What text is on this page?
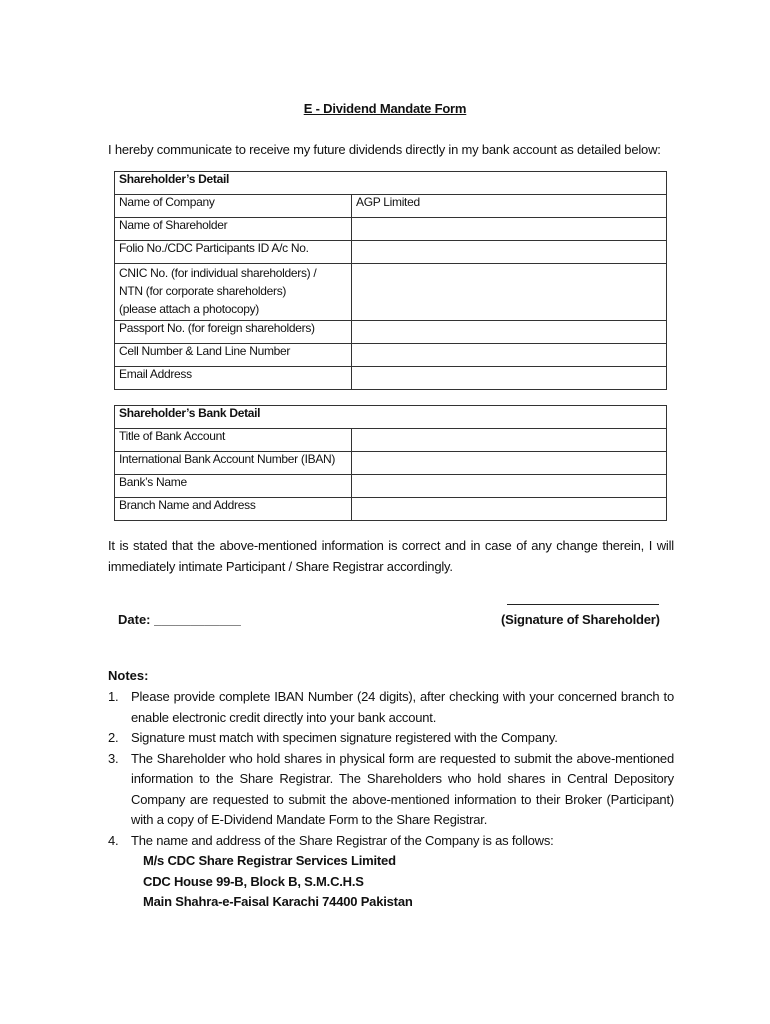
E - Dividend Mandate Form
I hereby communicate to receive my future dividends directly in my bank account as detailed below:
Shareholder’s Detail	
Name of Company	AGP Limited
Name of Shareholder	
Folio No./CDC Participants ID A/c No.	

CNIC No. (for individual shareholders) /
NTN (for corporate shareholders)
(please attach a photocopy)	

Passport No. (for foreign shareholders)	
Cell Number & Land Line Number	
Email Address	
Shareholder’s Bank Detail	
Title of Bank Account	
International Bank Account Number (IBAN)	
Bank’s Name	
Branch Name and Address	
It is stated that the above-mentioned information is correct and in case of any change therein, I will immediately intimate Participant / Share Registrar accordingly.
Date: ____________	(Signature of Shareholder)
Notes:
1. Please provide complete IBAN Number (24 digits), after checking with your concerned branch to enable electronic credit directly into your bank account.
2. Signature must match with specimen signature registered with the Company.
3. The Shareholder who hold shares in physical form are requested to submit the above-mentioned information to the Share Registrar. The Shareholders who hold shares in Central Depository Company are requested to submit the above-mentioned information to their Broker (Participant) with a copy of E-Dividend Mandate Form to the Share Registrar.
4. The name and address of the Share Registrar of the Company is as follows:
M/s CDC Share Registrar Services Limited
CDC House 99-B, Block B, S.M.C.H.S
Main Shahra-e-Faisal Karachi 74400 Pakistan
